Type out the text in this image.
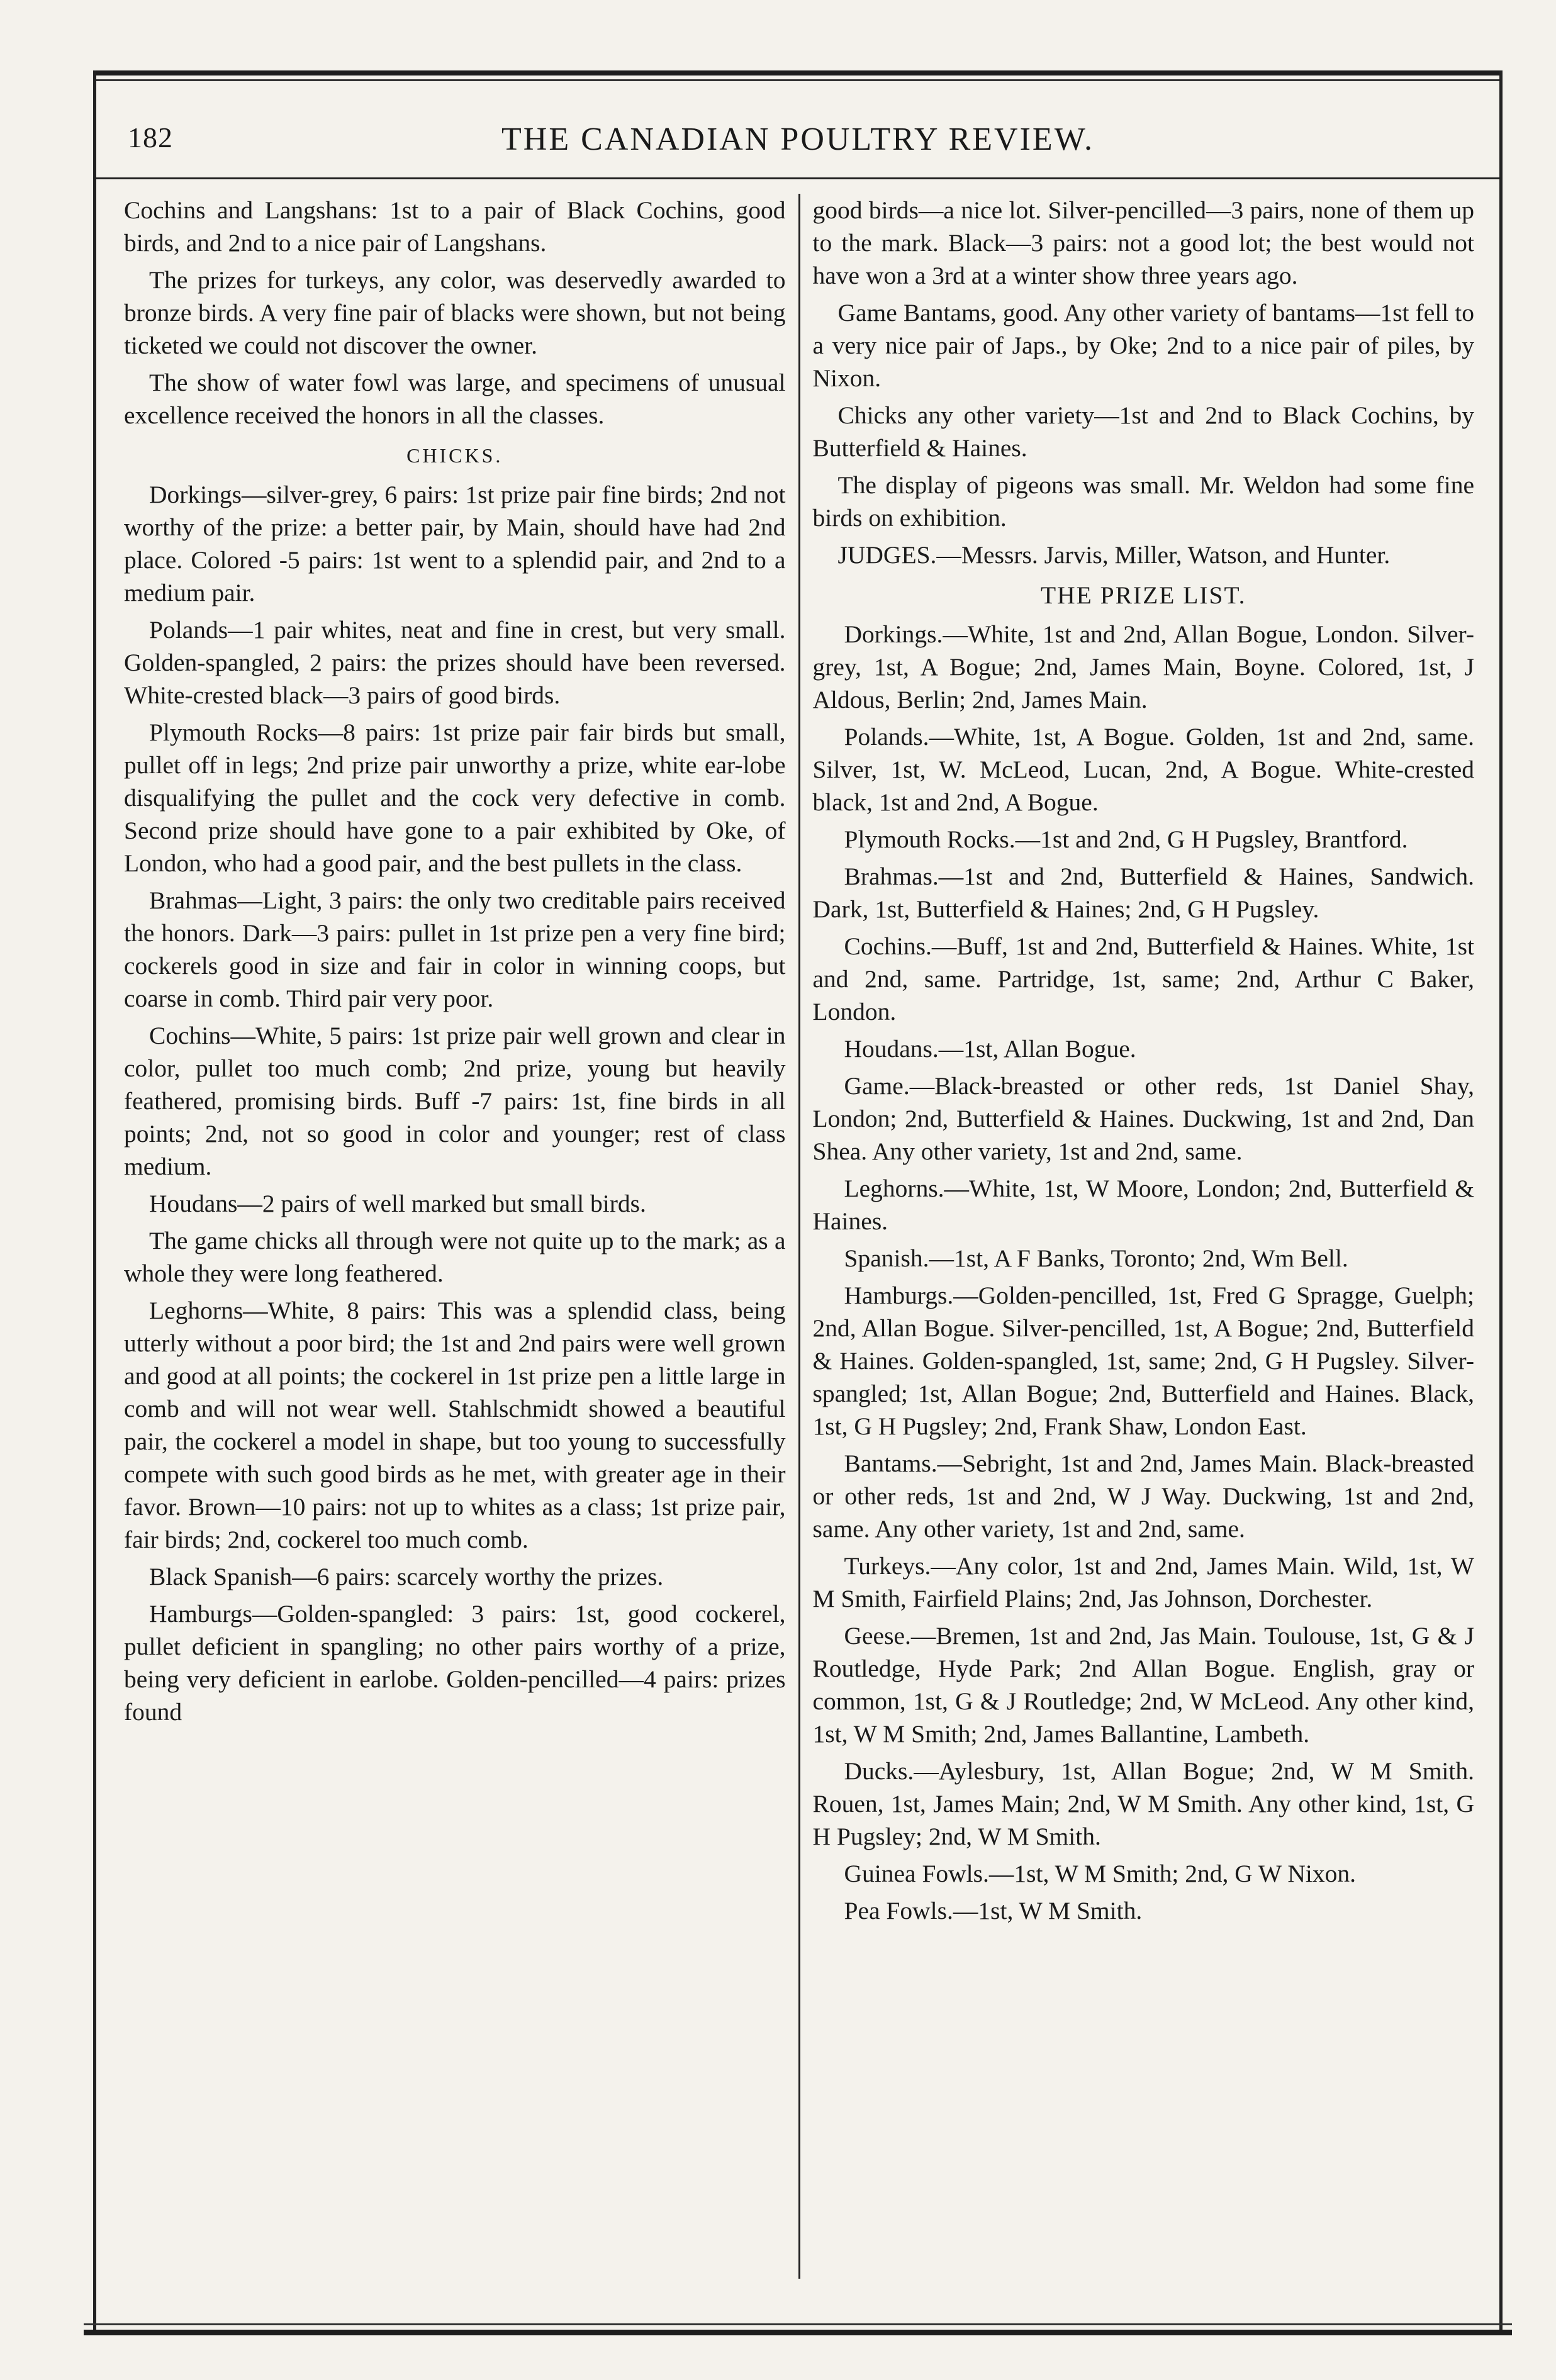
182	THE CANADIAN POULTRY REVIEW.

Cochins and Langshans: 1st to a pair of Black Cochins, good birds, and 2nd to a nice pair of Langshans.

The prizes for turkeys, any color, was deservedly awarded to bronze birds. A very fine pair of blacks were shown, but not being ticketed we could not discover the owner.

The show of water fowl was large, and specimens of unusual excellence received the honors in all the classes.

CHICKS.

Dorkings—silver-grey, 6 pairs: 1st prize pair fine birds; 2nd not worthy of the prize: a better pair, by Main, should have had 2nd place. Colored -5 pairs: 1st went to a splendid pair, and 2nd to a medium pair.

Polands—1 pair whites, neat and fine in crest, but very small. Golden-spangled, 2 pairs: the prizes should have been reversed. White-crested black—3 pairs of good birds.

Plymouth Rocks—8 pairs: 1st prize pair fair birds but small, pullet off in legs; 2nd prize pair unworthy a prize, white ear-lobe disqualifying the pullet and the cock very defective in comb. Second prize should have gone to a pair exhibited by Oke, of London, who had a good pair, and the best pullets in the class.

Brahmas—Light, 3 pairs: the only two creditable pairs received the honors. Dark—3 pairs: pullet in 1st prize pen a very fine bird; cockerels good in size and fair in color in winning coops, but coarse in comb. Third pair very poor.

Cochins—White, 5 pairs: 1st prize pair well grown and clear in color, pullet too much comb; 2nd prize, young but heavily feathered, promising birds. Buff -7 pairs: 1st, fine birds in all points; 2nd, not so good in color and younger; rest of class medium.

Houdans—2 pairs of well marked but small birds.

The game chicks all through were not quite up to the mark; as a whole they were long feathered.

Leghorns—White, 8 pairs: This was a splendid class, being utterly without a poor bird; the 1st and 2nd pairs were well grown and good at all points; the cockerel in 1st prize pen a little large in comb and will not wear well. Stahlschmidt showed a beautiful pair, the cockerel a model in shape, but too young to successfully compete with such good birds as he met, with greater age in their favor. Brown—10 pairs: not up to whites as a class; 1st prize pair, fair birds; 2nd, cockerel too much comb.

Black Spanish—6 pairs: scarcely worthy the prizes.

Hamburgs—Golden-spangled: 3 pairs: 1st, good cockerel, pullet deficient in spangling; no other pairs worthy of a prize, being very deficient in earlobe. Golden-pencilled—4 pairs: prizes found

good birds—a nice lot. Silver-pencilled—3 pairs, none of them up to the mark. Black—3 pairs: not a good lot; the best would not have won a 3rd at a winter show three years ago.

Game Bantams, good. Any other variety of bantams—1st fell to a very nice pair of Japs., by Oke; 2nd to a nice pair of piles, by Nixon.

Chicks any other variety—1st and 2nd to Black Cochins, by Butterfield & Haines.

The display of pigeons was small. Mr. Weldon had some fine birds on exhibition.

JUDGES.—Messrs. Jarvis, Miller, Watson, and Hunter.

THE PRIZE LIST.

Dorkings.—White, 1st and 2nd, Allan Bogue, London. Silver-grey, 1st, A Bogue; 2nd, James Main, Boyne. Colored, 1st, J Aldous, Berlin; 2nd, James Main.

Polands.—White, 1st, A Bogue. Golden, 1st and 2nd, same. Silver, 1st, W. McLeod, Lucan, 2nd, A Bogue. White-crested black, 1st and 2nd, A Bogue.

Plymouth Rocks.—1st and 2nd, G H Pugsley, Brantford.

Brahmas.—1st and 2nd, Butterfield & Haines, Sandwich. Dark, 1st, Butterfield & Haines; 2nd, G H Pugsley.

Cochins.—Buff, 1st and 2nd, Butterfield & Haines. White, 1st and 2nd, same. Partridge, 1st, same; 2nd, Arthur C Baker, London.

Houdans.—1st, Allan Bogue.

Game.—Black-breasted or other reds, 1st Daniel Shay, London; 2nd, Butterfield & Haines. Duckwing, 1st and 2nd, Dan Shea. Any other variety, 1st and 2nd, same.

Leghorns.—White, 1st, W Moore, London; 2nd, Butterfield & Haines.

Spanish.—1st, A F Banks, Toronto; 2nd, Wm Bell.

Hamburgs.—Golden-pencilled, 1st, Fred G Spragge, Guelph; 2nd, Allan Bogue. Silver-pencilled, 1st, A Bogue; 2nd, Butterfield & Haines. Golden-spangled, 1st, same; 2nd, G H Pugsley. Silver-spangled; 1st, Allan Bogue; 2nd, Butterfield and Haines. Black, 1st, G H Pugsley; 2nd, Frank Shaw, London East.

Bantams.—Sebright, 1st and 2nd, James Main. Black-breasted or other reds, 1st and 2nd, W J Way. Duckwing, 1st and 2nd, same. Any other variety, 1st and 2nd, same.

Turkeys.—Any color, 1st and 2nd, James Main. Wild, 1st, W M Smith, Fairfield Plains; 2nd, Jas Johnson, Dorchester.

Geese.—Bremen, 1st and 2nd, Jas Main. Toulouse, 1st, G & J Routledge, Hyde Park; 2nd Allan Bogue. English, gray or common, 1st, G & J Routledge; 2nd, W McLeod. Any other kind, 1st, W M Smith; 2nd, James Ballantine, Lambeth.

Ducks.—Aylesbury, 1st, Allan Bogue; 2nd, W M Smith. Rouen, 1st, James Main; 2nd, W M Smith. Any other kind, 1st, G H Pugsley; 2nd, W M Smith.

Guinea Fowls.—1st, W M Smith; 2nd, G W Nixon.

Pea Fowls.—1st, W M Smith.
